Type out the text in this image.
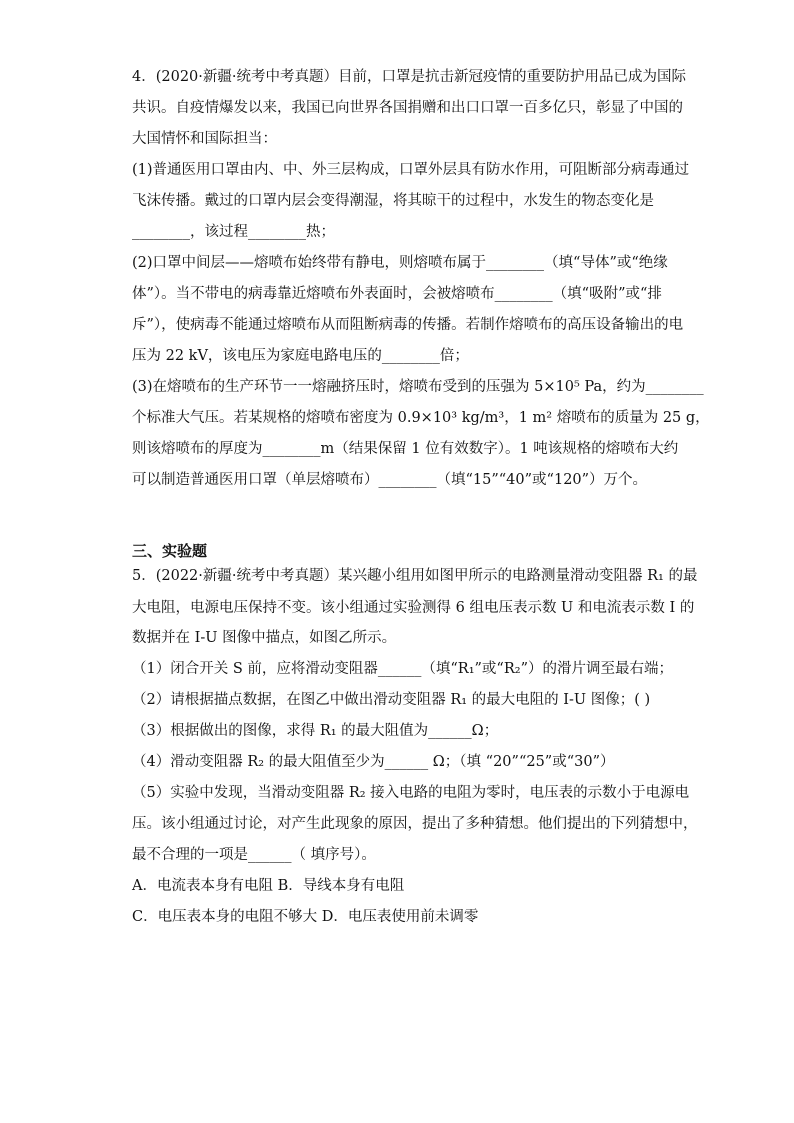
4．(2020·新疆·统考中考真题）目前，口罩是抗击新冠疫情的重要防护用品已成为国际
共识。自疫情爆发以来，我国已向世界各国捐赠和出口口罩一百多亿只，彰显了中国的
大国情怀和国际担当：
(1)普通医用口罩由内、中、外三层构成，口罩外层具有防水作用，可阻断部分病毒通过
飞沫传播。戴过的口罩内层会变得潮湿，将其晾干的过程中，水发生的物态变化是
________，该过程________热；
(2)口罩中间层——熔喷布始终带有静电，则熔喷布属于________（填“导体”或“绝缘
体”）。当不带电的病毒靠近熔喷布外表面时，会被熔喷布________（填“吸附”或“排
斥”），使病毒不能通过熔喷布从而阻断病毒的传播。若制作熔喷布的高压设备输出的电
压为 22 kV，该电压为家庭电路电压的________倍；
(3)在熔喷布的生产环节一一熔融挤压时，熔喷布受到的压强为 5×10⁵ Pa，约为________
个标准大气压。若某规格的熔喷布密度为 0.9×10³ kg/m³，1 m² 熔喷布的质量为 25 g，
则该熔喷布的厚度为________m（结果保留 1 位有效数字）。1 吨该规格的熔喷布大约
可以制造普通医用口罩（单层熔喷布）________（填“15”“40”或“120”）万个。
三、实验题
5．(2022·新疆·统考中考真题）某兴趣小组用如图甲所示的电路测量滑动变阻器 R₁ 的最
大电阻，电源电压保持不变。该小组通过实验测得 6 组电压表示数 U 和电流表示数 I 的
数据并在 I-U 图像中描点，如图乙所示。
（1）闭合开关 S 前，应将滑动变阻器______（填“R₁”或“R₂”）的滑片调至最右端；
（2）请根据描点数据，在图乙中做出滑动变阻器 R₁ 的最大电阻的 I-U 图像；( )
（3）根据做出的图像，求得 R₁ 的最大阻值为______Ω；
（4）滑动变阻器 R₂ 的最大阻值至少为______ Ω；（填 “20”“25”或“30”）
（5）实验中发现，当滑动变阻器 R₂ 接入电路的电阻为零时，电压表的示数小于电源电
压。该小组通过讨论，对产生此现象的原因，提出了多种猜想。他们提出的下列猜想中，
最不合理的一项是______（ 填序号）。
A．电流表本身有电阻 B．导线本身有电阻
C．电压表本身的电阻不够大 D．电压表使用前未调零
